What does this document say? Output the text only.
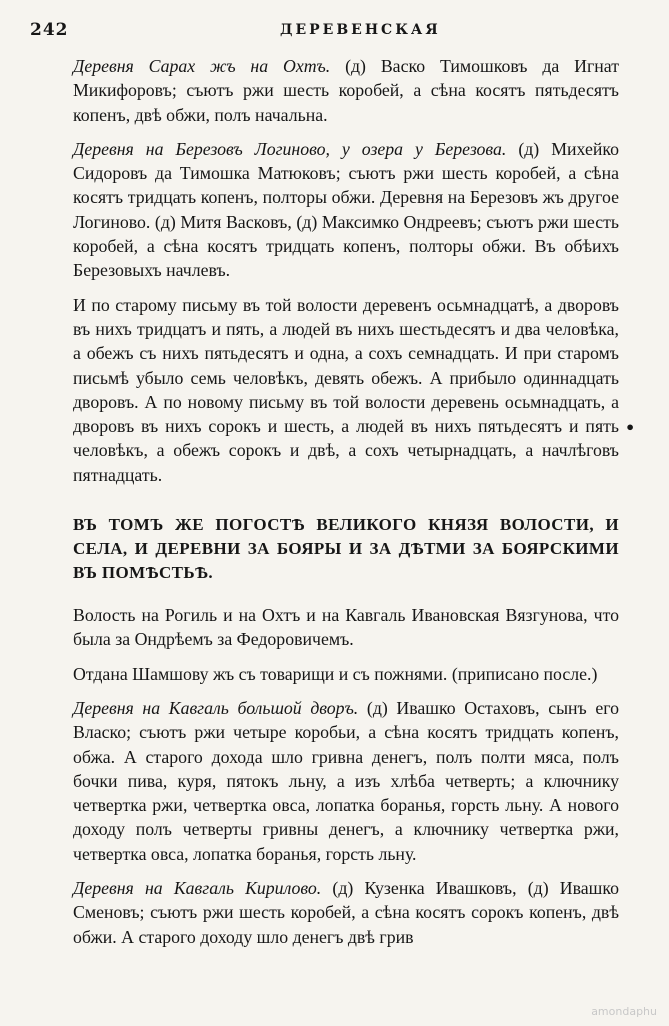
242	ДЕРЕВЕНСКАЯ

Деревня Сарах жъ на Охтъ. (д) Васко Тимошковъ да Игнат Микифоровъ; съютъ ржи шесть коробей, а сѣна косятъ пятьдесятъ копенъ, двѣ обжи, полъ начальна.

Деревня на Березовъ Логиново, у озера у Березова. (д) Михейко Сидоровъ да Тимошка Матюковъ; съютъ ржи шесть коробей, а сѣна косятъ тридцать копенъ, полторы обжи. Деревня на Березовъ жъ другое Логиново. (д) Митя Васковъ, (д) Максимко Ондреевъ; съютъ ржи шесть коробей, а сѣна косятъ тридцать копенъ, полторы обжи. Въ обѣихъ Березовыхъ начлевъ.

И по старому письму въ той волости деревенъ осьмнадцатѣ, а дворовъ въ нихъ тридцатъ и пять, а людей въ нихъ шестьдесятъ и два человѣка, а обежъ съ нихъ пятьдесятъ и одна, а сохъ семнадцать. И при старомъ письмѣ убыло семь человѣкъ, девять обежъ. А прибыло одиннадцать дворовъ. А по новому письму въ той волости деревень осьмнадцать, а дворовъ въ нихъ сорокъ и шесть, а людей въ нихъ пятьдесятъ и пять человѣкъ, а обежъ сорокъ и двѣ, а сохъ четырнадцать, а начлѣговъ пятнадцать.

ВЪ ТОМЪ ЖЕ ПОГОСТѢ ВЕЛИКОГО КНЯЗЯ ВОЛОСТИ, И СЕЛА, И ДЕРЕВНИ ЗА БОЯРЫ И ЗА ДѢТМИ ЗА БОЯРСКИМИ ВЪ ПОМѢСТЬѢ.

Волость на Рогиль и на Охтъ и на Кавгаль Ивановская Вязгунова, что была за Ондрѣемъ за Федоровичемъ.

Отдана Шамшову жъ съ товарищи и съ пожнями. (приписано после.)

Деревня на Кавгаль большой дворъ. (д) Ивашко Остаховъ, сынъ его Власко; съютъ ржи четыре коробьи, а сѣна косятъ тридцать копенъ, обжа. А старого дохода шло гривна денегъ, полъ полти мяса, полъ бочки пива, куря, пятокъ льну, а изъ хлѣба четверть; а ключнику четвертка ржи, четвертка овса, лопатка боранья, горсть льну. А нового доходу полъ четверты гривны денегъ, а ключнику четвертка ржи, четвертка овса, лопатка боранья, горсть льну.

Деревня на Кавгаль Кирилово. (д) Кузенка Ивашковъ, (д) Ивашко Сменовъ; съютъ ржи шесть коробей, а сѣна косятъ сорокъ копенъ, двѣ обжи. А старого доходу шло денегъ двѣ грив

•
amondaphu
